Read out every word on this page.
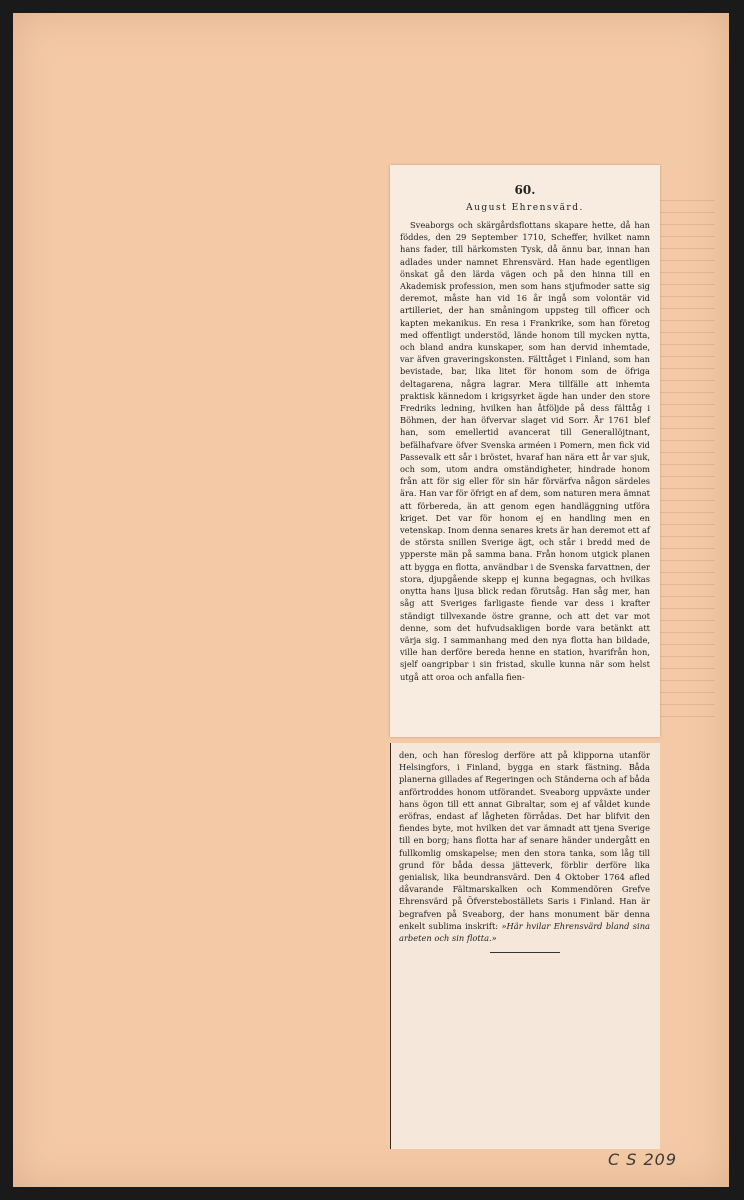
60.
August Ehrensvärd.
Sveaborgs och skärgårdsflottans skapare hette, då han föddes, den 29 September 1710, Scheffer, hvilket namn hans fader, till härkomsten Tysk, då ännu bar, innan han adlades under namnet Ehrensvärd. Han hade egentligen önskat gå den lärda vägen och på den hinna till en Akademisk profession, men som hans stjufmoder satte sig deremot, måste han vid 16 år ingå som volontär vid artilleriet, der han småningom uppsteg till officer och kapten mekanikus. En resa i Frankrike, som han företog med offentligt understöd, lände honom till mycken nytta, och bland andra kunskaper, som han dervid inhemtade, var äfven graveringskonsten. Fälttåget i Finland, som han bevistade, bar, lika litet för honom som de öfriga deltagarena, några lagrar. Mera tillfälle att inhemta praktisk kännedom i krigsyrket ägde han under den store Fredriks ledning, hvilken han åtföljde på dess fälttåg i Böhmen, der han öfvervar slaget vid Sorr. År 1761 blef han, som emellertid avancerat till Generallöjtnant, befälhafvare öfver Svenska arméen i Pomern, men fick vid Passevalk ett sår i bröstet, hvaraf han nära ett år var sjuk, och som, utom andra omständigheter, hindrade honom från att för sig eller för sin här förvärfva någon särdeles ära. Han var för öfrigt en af dem, som naturen mera ämnat att förbereda, än att genom egen handläggning utföra kriget. Det var för honom ej en handling men en vetenskap. Inom denna senares krets är han deremot ett af de största snillen Sverige ägt, och står i bredd med de ypperste män på samma bana. Från honom utgick planen att bygga en flotta, användbar i de Svenska farvattnen, der stora, djupgående skepp ej kunna begagnas, och hvilkas onytta hans ljusa blick redan förutsåg. Han såg mer, han såg att Sveriges farligaste fiende var dess i krafter ständigt tillvexande östre granne, och att det var mot denne, som det hufvudsakligen borde vara betänkt att värja sig. I sammanhang med den nya flotta han bildade, ville han derföre bereda henne en station, hvarifrån hon, sjelf oangripbar i sin fristad, skulle kunna när som helst utgå att oroa och anfalla fien-
den, och han föreslog derföre att på klipporna utanför Helsingfors, i Finland, bygga en stark fästning. Båda planerna gillades af Regeringen och Ständerna och af båda anförtroddes honom utförandet. Sveaborg uppväxte under hans ögon till ett annat Gibraltar, som ej af våldet kunde eröfras, endast af lågheten förrådas. Det har blifvit den fiendes byte, mot hvilken det var ämnadt att tjena Sverige till en borg; hans flotta har af senare händer undergått en fullkomlig omskapelse; men den stora tanka, som låg till grund för båda dessa jätteverk, förblir derföre lika genialisk, lika beundransvärd. Den 4 Oktober 1764 afled dåvarande Fältmarskalken och Kommendören Grefve Ehrensvärd på Öfversteboställets Saris i Finland. Han är begrafven på Sveaborg, der hans monument bär denna enkelt sublima inskrift: »Här hvilar Ehrensvärd bland sina arbeten och sin flotta.»
C S 209
